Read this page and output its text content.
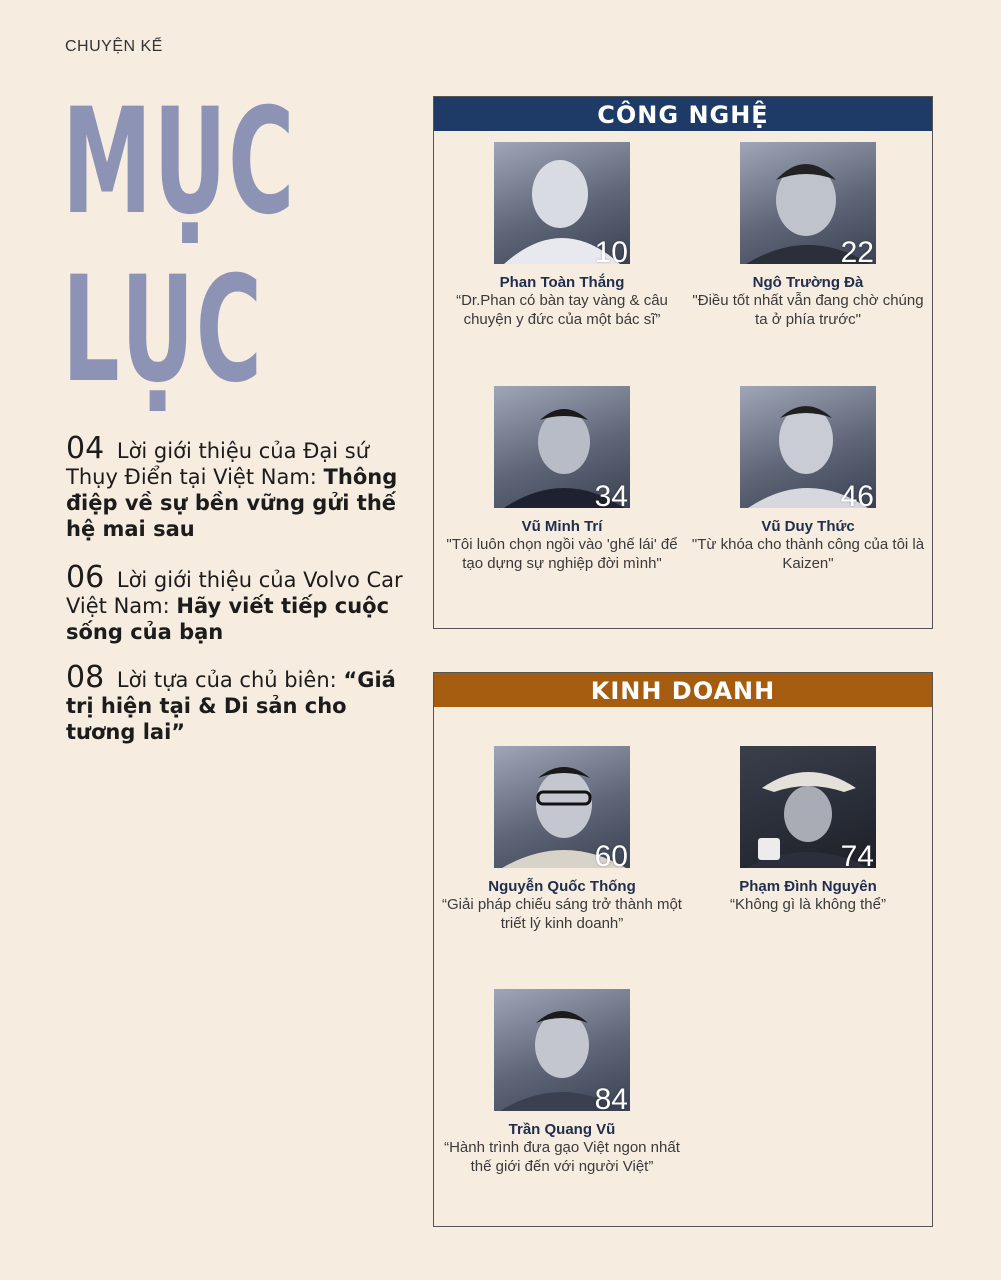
CHUYỆN KỂ
MỤC
LỤC
04 Lời giới thiệu của Đại sứ Thụy Điển tại Việt Nam: Thông điệp về sự bền vững gửi thế hệ mai sau
06 Lời giới thiệu của Volvo Car Việt Nam: Hãy viết tiếp cuộc sống của bạn
08 Lời tựa của chủ biên: “Giá trị hiện tại & Di sản cho tương lai”
CÔNG NGHỆ
10
Phan Toàn Thắng
“Dr.Phan có bàn tay vàng & câu chuyện y đức của một bác sĩ”
22
Ngô Trường Đà
"Điều tốt nhất vẫn đang chờ chúng ta ở phía trước"
34
Vũ Minh Trí
"Tôi luôn chọn ngồi vào 'ghế lái' để tạo dựng sự nghiệp đời mình"
46
Vũ Duy Thức
"Từ khóa cho thành công của tôi là Kaizen"
KINH DOANH
60
Nguyễn Quốc Thống
“Giải pháp chiếu sáng trở thành một triết lý kinh doanh”
74
Phạm Đình Nguyên
“Không gì là không thể”
84
Trần Quang Vũ
“Hành trình đưa gạo Việt ngon nhất thế giới đến với người Việt”
